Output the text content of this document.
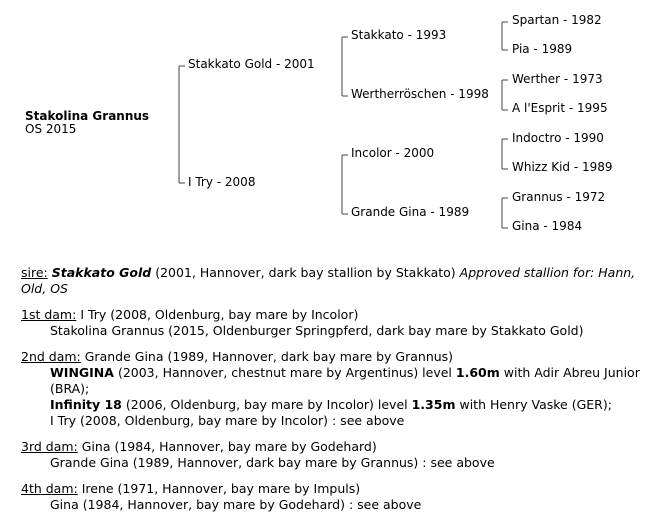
Stakolina Grannus
OS 2015
Stakkato Gold - 2001
I Try - 2008
Stakkato - 1993
Wertherröschen - 1998
Incolor - 2000
Grande Gina - 1989
Spartan - 1982
Pia - 1989
Werther - 1973
A l'Esprit - 1995
Indoctro - 1990
Whizz Kid - 1989
Grannus - 1972
Gina - 1984
sire: Stakkato Gold (2001, Hannover, dark bay stallion by Stakkato) Approved stallion for: Hann, Old, OS
1st dam: I Try (2008, Oldenburg, bay mare by Incolor)
Stakolina Grannus (2015, Oldenburger Springpferd, dark bay mare by Stakkato Gold)
2nd dam: Grande Gina (1989, Hannover, dark bay mare by Grannus)
WINGINA (2003, Hannover, chestnut mare by Argentinus) level 1.60m with Adir Abreu Junior (BRA);
Infinity 18 (2006, Oldenburg, bay mare by Incolor) level 1.35m with Henry Vaske (GER);
I Try (2008, Oldenburg, bay mare by Incolor) : see above
3rd dam: Gina (1984, Hannover, bay mare by Godehard)
Grande Gina (1989, Hannover, dark bay mare by Grannus) : see above
4th dam: Irene (1971, Hannover, bay mare by Impuls)
Gina (1984, Hannover, bay mare by Godehard) : see above
